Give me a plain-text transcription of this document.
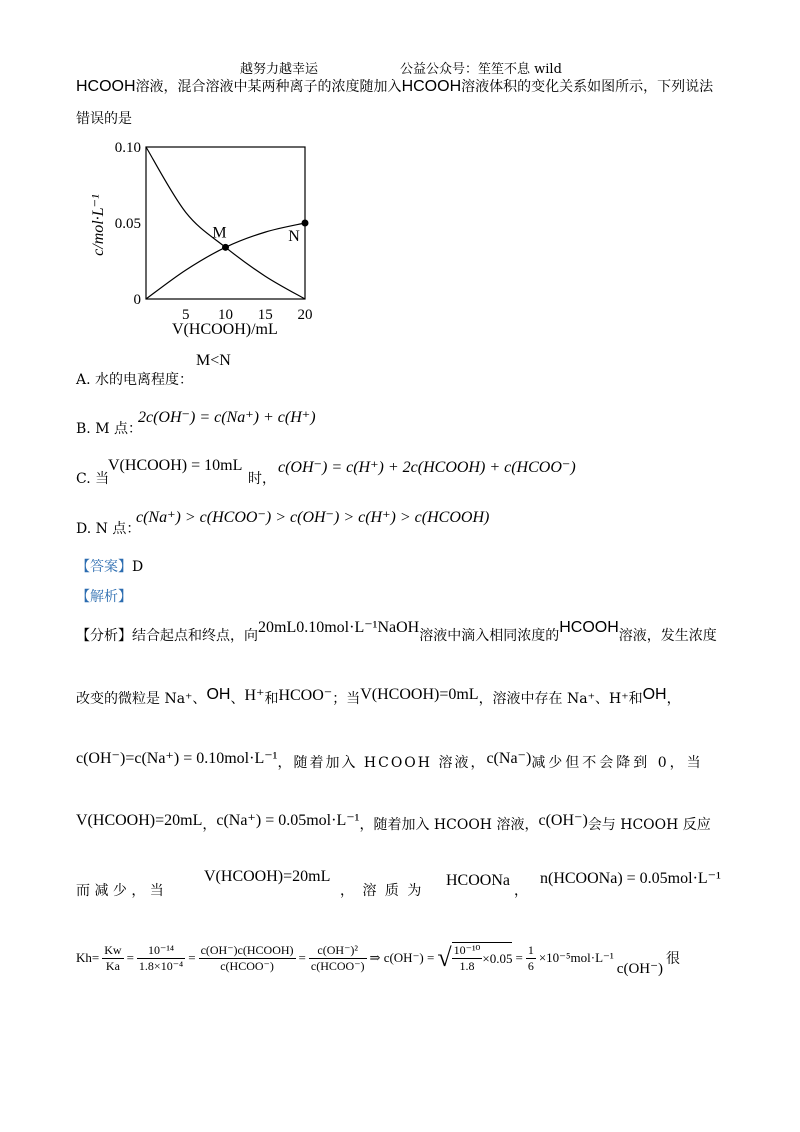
越努力越幸运	公益公众号：笙笙不息 wild
HCOOH溶液，混合溶液中某两种离子的浓度随加入HCOOH溶液体积的变化关系如图所示，下列说法
错误的是
5 10 15 20
0
0.05
0.10
M	N
c/mol·L⁻¹
V(HCOOH)/mL
A. 水的电离程度：
M<N
B. M 点：
2c(OH⁻) = c(Na⁺) + c(H⁺)
C. 当
V(HCOOH) = 10mL
时，
c(OH⁻) = c(H⁺) + 2c(HCOOH) + c(HCOO⁻)
D. N 点：
c(Na⁺) > c(HCOO⁻) > c(OH⁻) > c(H⁺) > c(HCOOH)
【答案】D
【解析】
【分析】结合起点和终点，向20mL0.10mol·L⁻¹NaOH溶液中滴入相同浓度的HCOOH溶液，发生浓度
改变的微粒是 Na⁺、OH、H⁺和HCOO⁻；当V(HCOOH)=0mL，溶液中存在 Na⁺、H⁺和OH，
c(OH⁻)=c(Na⁺) = 0.10mol·L⁻¹，随着加入 HCOOH 溶液，c(Na⁻)减少但不会降到 0，当
V(HCOOH)=20mL，c(Na⁺) = 0.05mol·L⁻¹，随着加入 HCOOH 溶液，c(OH⁻)会与 HCOOH 反应
而 减 少 ， 当
V(HCOOH)=20mL
， 溶 质 为
HCOONa
，
n(HCOONa) = 0.05mol·L⁻¹
$Kh= \frac{Kw}{Ka} = \frac{\text{10⁻¹⁴}}{\text{1.8×10⁻⁴}} = \frac{\text{c(OH⁻)c(HCOOH)}}{\text{c(HCOO⁻)}} = \frac{\text{c(OH⁻)²}}{\text{c(HCOO⁻)}}$ ⇒ c(OH⁻) = √ $\frac{\text{10⁻¹⁰}}{1.8} \times 0.05 = \frac{1}{6} \times 10^{-5}mol\cdot L^{-1}$
c(OH⁻)
很
